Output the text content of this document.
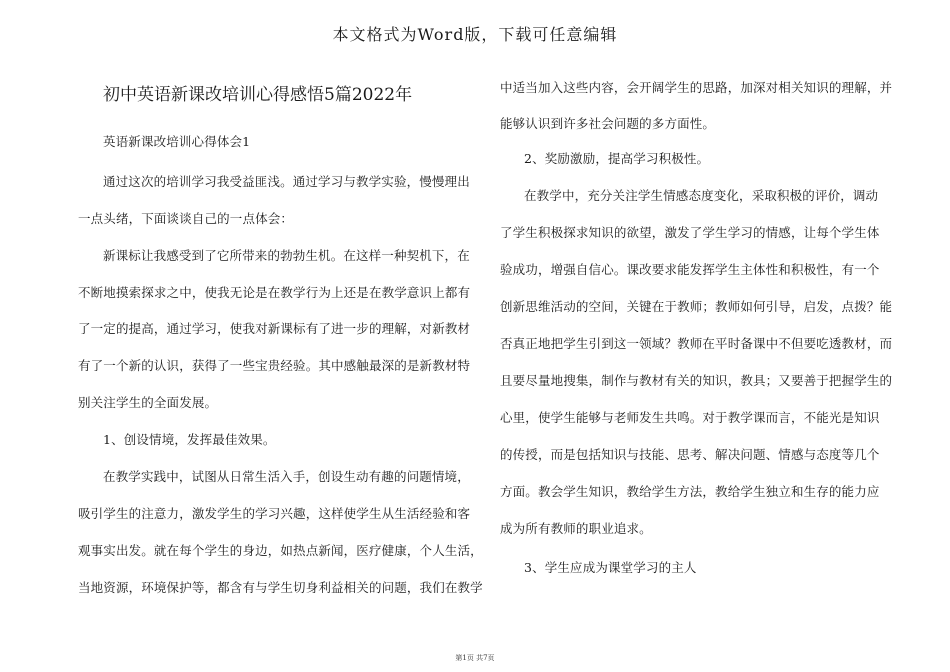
本文格式为Word版，下载可任意编辑
初中英语新课改培训心得感悟5篇2022年
英语新课改培训心得体会1
通过这次的培训学习我受益匪浅。通过学习与教学实验，慢慢理出
一点头绪，下面谈谈自己的一点体会：
新课标让我感受到了它所带来的勃勃生机。在这样一种契机下，在
不断地摸索探求之中，使我无论是在教学行为上还是在教学意识上都有
了一定的提高，通过学习，使我对新课标有了进一步的理解，对新教材
有了一个新的认识，获得了一些宝贵经验。其中感触最深的是新教材特
别关注学生的全面发展。
1、创设情境，发挥最佳效果。
在教学实践中，试图从日常生活入手，创设生动有趣的问题情境，
吸引学生的注意力，激发学生的学习兴趣，这样使学生从生活经验和客
观事实出发。就在每个学生的身边，如热点新闻，医疗健康，个人生活，
当地资源，环境保护等，都含有与学生切身利益相关的问题，我们在教学
中适当加入这些内容，会开阔学生的思路，加深对相关知识的理解，并
能够认识到许多社会问题的多方面性。
2、奖励激励，提高学习积极性。
在教学中，充分关注学生情感态度变化，采取积极的评价，调动
了学生积极探求知识的欲望，激发了学生学习的情感，让每个学生体
验成功，增强自信心。课改要求能发挥学生主体性和积极性，有一个
创新思维活动的空间，关键在于教师；教师如何引导，启发，点拨？能
否真正地把学生引到这一领域？教师在平时备课中不但要吃透教材，而
且要尽量地搜集，制作与教材有关的知识，教具；又要善于把握学生的
心里，使学生能够与老师发生共鸣。对于教学课而言，不能光是知识
的传授，而是包括知识与技能、思考、解决问题、情感与态度等几个
方面。教会学生知识，教给学生方法，教给学生独立和生存的能力应
成为所有教师的职业追求。
3、学生应成为课堂学习的主人
第1页 共7页
